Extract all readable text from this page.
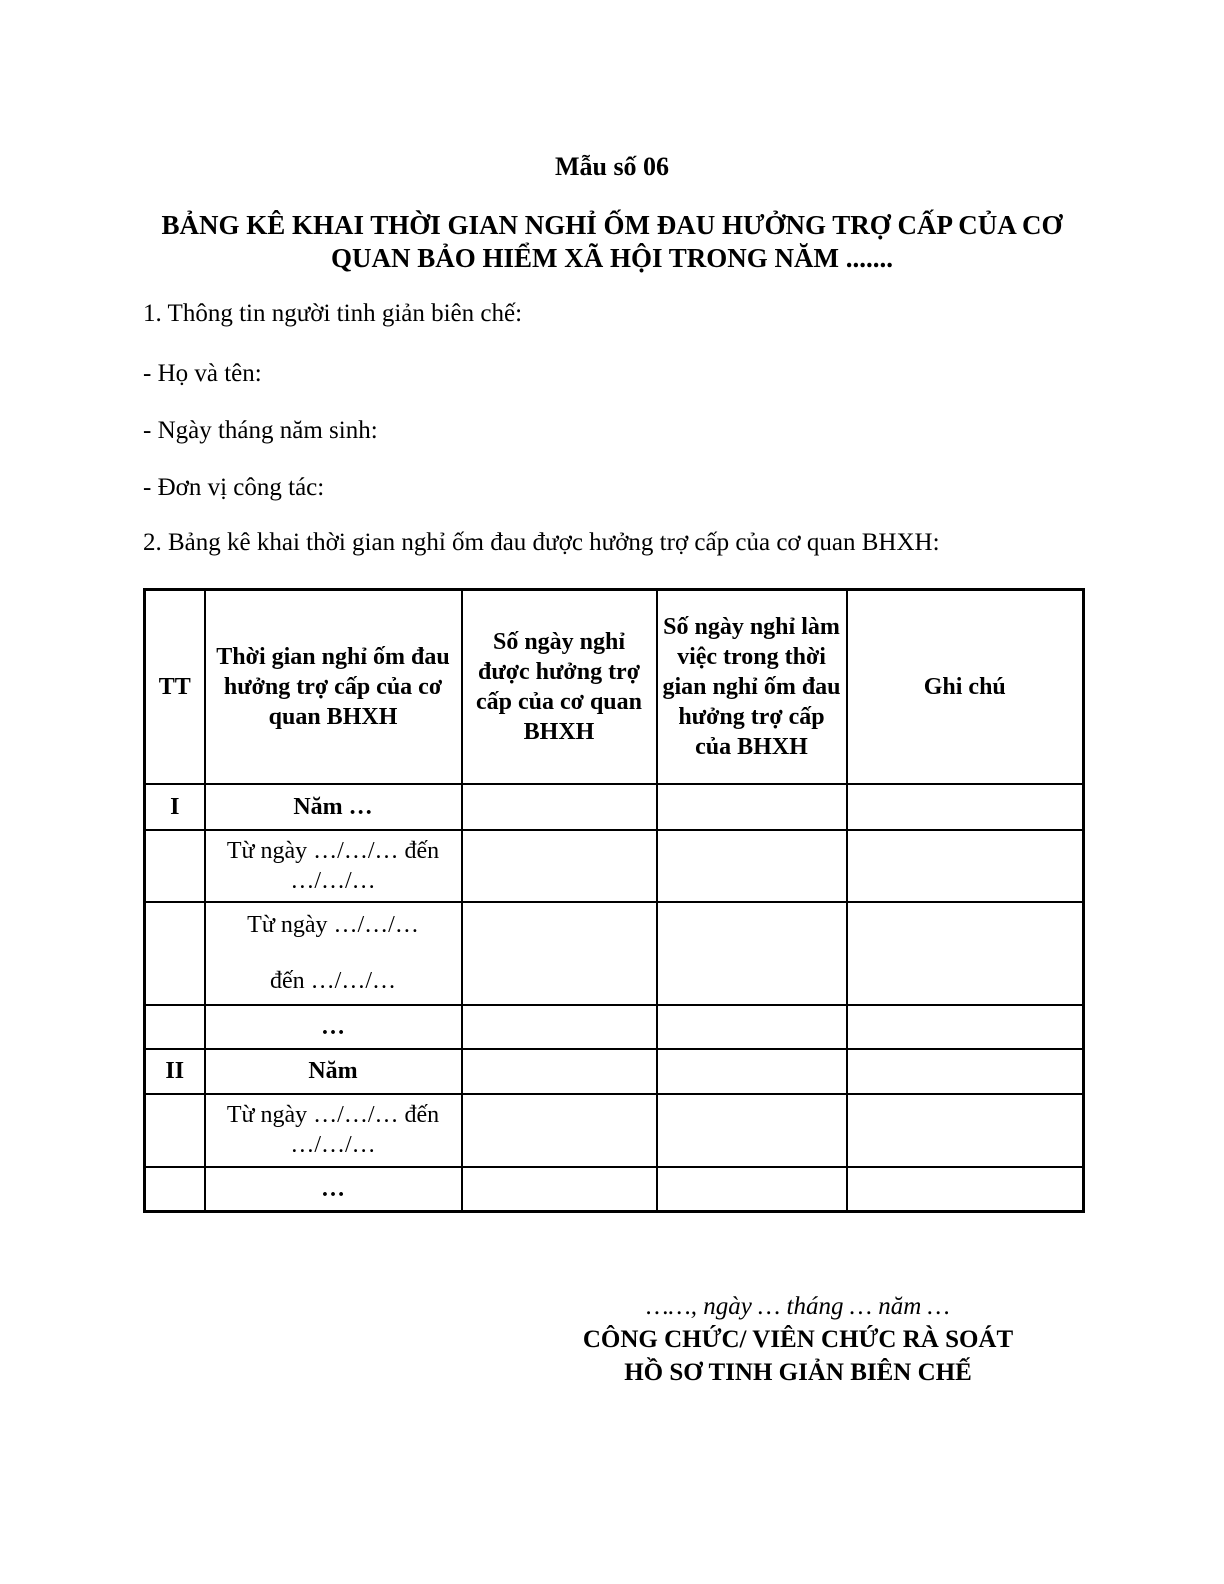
Mẫu số 06
BẢNG KÊ KHAI THỜI GIAN NGHỈ ỐM ĐAU HƯỞNG TRỢ CẤP CỦA CƠ QUAN BẢO HIỂM XÃ HỘI TRONG NĂM .......
1. Thông tin người tinh giản biên chế:
- Họ và tên:
- Ngày tháng năm sinh:
- Đơn vị công tác:
2. Bảng kê khai thời gian nghỉ ốm đau được hưởng trợ cấp của cơ quan BHXH:
TT	Thời gian nghỉ ốm đau hưởng trợ cấp của cơ quan BHXH	Số ngày nghỉ được hưởng trợ cấp của cơ quan BHXH	Số ngày nghỉ làm việc trong thời gian nghỉ ốm đau hưởng trợ cấp của BHXH	Ghi chú
I	Năm …			
	Từ ngày …/…/… đến …/…/…			

	Từ ngày …/…/…
đến …/…/…			

	…			
II	Năm			
	Từ ngày …/…/… đến …/…/…			
	…			
……, ngày … tháng … năm …
CÔNG CHỨC/ VIÊN CHỨC RÀ SOÁT HỒ SƠ TINH GIẢN BIÊN CHẾ
